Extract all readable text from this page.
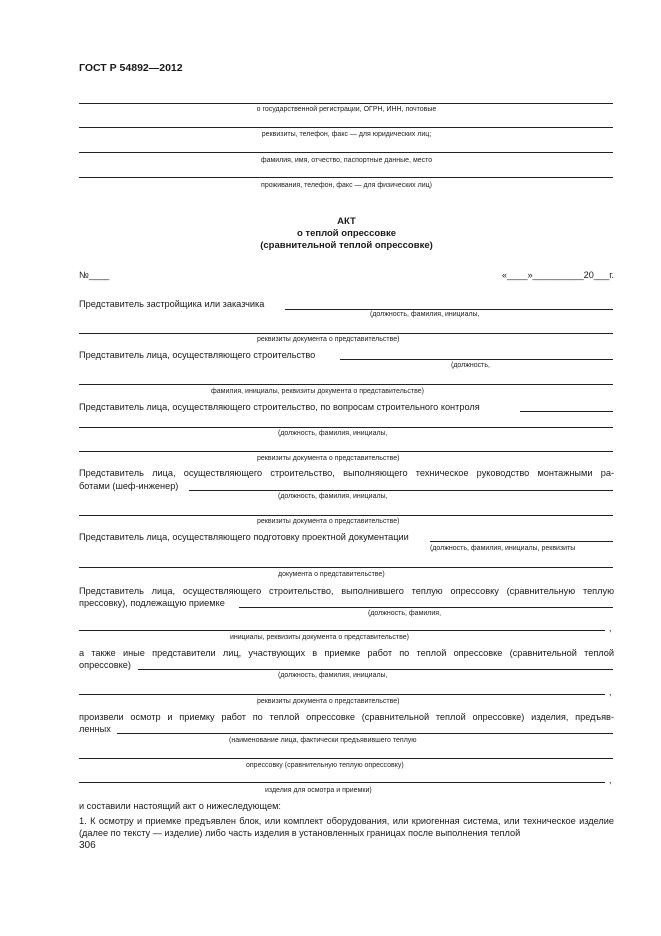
ГОСТ Р 54892—2012
о государственной регистрации, ОГРН, ИНН, почтовые
реквизиты, телефон, факс — для юридических лиц;
фамилия, имя, отчество, паспортные данные, место
проживания, телефон, факс — для физических лиц)
АКТ
о теплой опрессовке
(сравнительной теплой опрессовке)
№____	«____»__________20___г.
Представитель застройщика или заказчика
(должность, фамилия, инициалы,
реквизиты документа о представительстве)
Представитель лица, осуществляющего строительство
(должность,
фамилия, инициалы, реквизиты документа о представительстве)
Представитель лица, осуществляющего строительство, по вопросам строительного контроля
(должность, фамилия, инициалы,
реквизиты документа о представительстве)
Представитель лица, осуществляющего строительство, выполняющего техническое руководство монтажными ра-
ботами (шеф-инженер)
(должность, фамилия, инициалы,
реквизиты документа о представительстве)
Представитель лица, осуществляющего подготовку проектной документации
(должность, фамилия, инициалы, реквизиты
документа о представительстве)
Представитель лица, осуществляющего строительство, выполнившего теплую опрессовку (сравнительную теплую
прессовку), подлежащую приемке
(должность, фамилия,
,
инициалы, реквизиты документа о представительстве)
а также иные представители лиц, участвующих в приемке работ по теплой опрессовке (сравнительной теплой
опрессовке)
(должность, фамилия, инициалы,
,
реквизиты документа о представительстве)
произвели осмотр и приемку работ по теплой опрессовке (сравнительной теплой опрессовке) изделия, предъяв-
ленных
(наименование лица, фактически предъявившего теплую
опрессовку (сравнительную теплую опрессовку)
,
изделия для осмотра и приемки)
и составили настоящий акт о нижеследующем:
1. К осмотру и приемке предъявлен блок, или комплект оборудования, или криогенная система, или техническое изделие (далее по тексту — изделие) либо часть изделия в установленных границах после выполнения теплой
306
